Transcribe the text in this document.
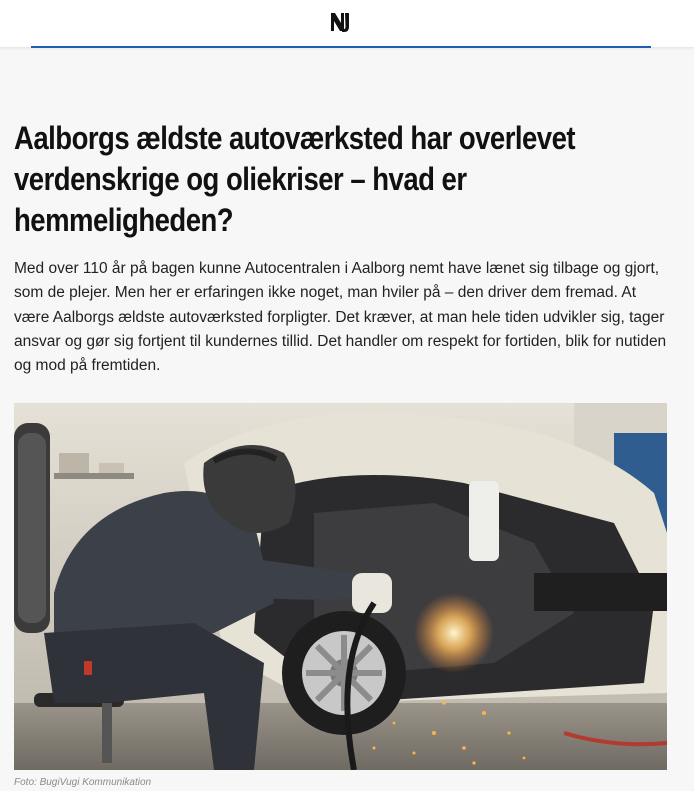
Aalborgs ældste autoværksted har overlevet verdenskrige og oliekriser – hvad er hemmeligheden?

Med over 110 år på bagen kunne Autocentralen i Aalborg nemt have lænet sig tilbage og gjort, som de plejer. Men her er erfaringen ikke noget, man hviler på – den driver dem fremad. At være Aalborgs ældste autoværksted forpligter. Det kræver, at man hele tiden udvikler sig, tager ansvar og gør sig fortjent til kundernes tillid. Det handler om respekt for fortiden, blik for nutiden og mod på fremtiden.

Foto: BugiVugi Kommunikation
